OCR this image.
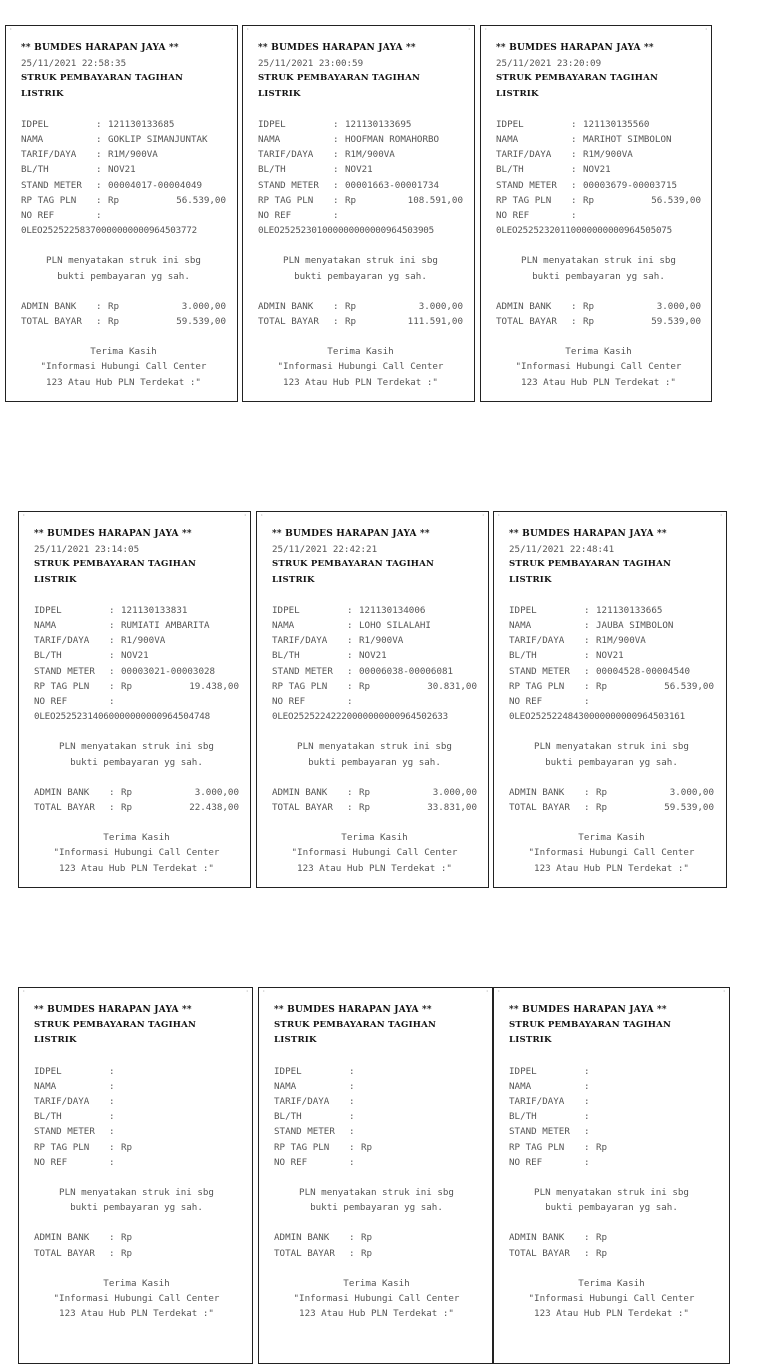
·	·
** BUMDES HARAPAN JAYA **
25/11/2021 22:58:35
STRUK PEMBAYARAN TAGIHAN LISTRIK
IDPEL	: 121130133685
NAMA	: GOKLIP SIMANJUNTAK
TARIF/DAYA	: R1M/900VA
BL/TH	: NOV21
STAND METER	: 00004017-00004049
RP TAG PLN	: Rp	56.539,00
NO REF	:
0LEO25252258370000000000964503772
PLN menyatakan struk ini sbg
bukti pembayaran yg sah.
ADMIN BANK	: Rp	3.000,00
TOTAL BAYAR	: Rp	59.539,00
Terima Kasih
"Informasi Hubungi Call Center
123 Atau Hub PLN Terdekat :"
·	·
** BUMDES HARAPAN JAYA **
25/11/2021 23:00:59
STRUK PEMBAYARAN TAGIHAN LISTRIK
IDPEL	: 121130133695
NAMA	: HOOFMAN ROMAHORBO
TARIF/DAYA	: R1M/900VA
BL/TH	: NOV21
STAND METER	: 00001663-00001734
RP TAG PLN	: Rp	108.591,00
NO REF	:
0LEO25252301000000000000964503905
PLN menyatakan struk ini sbg
bukti pembayaran yg sah.
ADMIN BANK	: Rp	3.000,00
TOTAL BAYAR	: Rp	111.591,00
Terima Kasih
"Informasi Hubungi Call Center
123 Atau Hub PLN Terdekat :"
·	·
** BUMDES HARAPAN JAYA **
25/11/2021 23:20:09
STRUK PEMBAYARAN TAGIHAN LISTRIK
IDPEL	: 121130135560
NAMA	: MARIHOT SIMBOLON
TARIF/DAYA	: R1M/900VA
BL/TH	: NOV21
STAND METER	: 00003679-00003715
RP TAG PLN	: Rp	56.539,00
NO REF	:
0LEO25252320110000000000964505075
PLN menyatakan struk ini sbg
bukti pembayaran yg sah.
ADMIN BANK	: Rp	3.000,00
TOTAL BAYAR	: Rp	59.539,00
Terima Kasih
"Informasi Hubungi Call Center
123 Atau Hub PLN Terdekat :"
·	·
** BUMDES HARAPAN JAYA **
25/11/2021 23:14:05
STRUK PEMBAYARAN TAGIHAN LISTRIK
IDPEL	: 121130133831
NAMA	: RUMIATI AMBARITA
TARIF/DAYA	: R1/900VA
BL/TH	: NOV21
STAND METER	: 00003021-00003028
RP TAG PLN	: Rp	19.438,00
NO REF	:
0LEO25252314060000000000964504748
PLN menyatakan struk ini sbg
bukti pembayaran yg sah.
ADMIN BANK	: Rp	3.000,00
TOTAL BAYAR	: Rp	22.438,00
Terima Kasih
"Informasi Hubungi Call Center
123 Atau Hub PLN Terdekat :"
·	·
** BUMDES HARAPAN JAYA **
25/11/2021 22:42:21
STRUK PEMBAYARAN TAGIHAN LISTRIK
IDPEL	: 121130134006
NAMA	: LOHO SILALAHI
TARIF/DAYA	: R1/900VA
BL/TH	: NOV21
STAND METER	: 00006038-00006081
RP TAG PLN	: Rp	30.831,00
NO REF	:
0LEO25252242220000000000964502633
PLN menyatakan struk ini sbg
bukti pembayaran yg sah.
ADMIN BANK	: Rp	3.000,00
TOTAL BAYAR	: Rp	33.831,00
Terima Kasih
"Informasi Hubungi Call Center
123 Atau Hub PLN Terdekat :"
·	·
** BUMDES HARAPAN JAYA **
25/11/2021 22:48:41
STRUK PEMBAYARAN TAGIHAN LISTRIK
IDPEL	: 121130133665
NAMA	: JAUBA SIMBOLON
TARIF/DAYA	: R1M/900VA
BL/TH	: NOV21
STAND METER	: 00004528-00004540
RP TAG PLN	: Rp	56.539,00
NO REF	:
0LEO25252248430000000000964503161
PLN menyatakan struk ini sbg
bukti pembayaran yg sah.
ADMIN BANK	: Rp	3.000,00
TOTAL BAYAR	: Rp	59.539,00
Terima Kasih
"Informasi Hubungi Call Center
123 Atau Hub PLN Terdekat :"
·	·
** BUMDES HARAPAN JAYA **
STRUK PEMBAYARAN TAGIHAN LISTRIK
IDPEL	:
NAMA	:
TARIF/DAYA	:
BL/TH	:
STAND METER	:
RP TAG PLN	: Rp
NO REF	:
PLN menyatakan struk ini sbg
bukti pembayaran yg sah.
ADMIN BANK	: Rp
TOTAL BAYAR	: Rp
Terima Kasih
"Informasi Hubungi Call Center
123 Atau Hub PLN Terdekat :"
·	·
** BUMDES HARAPAN JAYA **
STRUK PEMBAYARAN TAGIHAN LISTRIK
IDPEL	:
NAMA	:
TARIF/DAYA	:
BL/TH	:
STAND METER	:
RP TAG PLN	: Rp
NO REF	:
PLN menyatakan struk ini sbg
bukti pembayaran yg sah.
ADMIN BANK	: Rp
TOTAL BAYAR	: Rp
Terima Kasih
"Informasi Hubungi Call Center
123 Atau Hub PLN Terdekat :"
·	·
** BUMDES HARAPAN JAYA **
STRUK PEMBAYARAN TAGIHAN LISTRIK
IDPEL	:
NAMA	:
TARIF/DAYA	:
BL/TH	:
STAND METER	:
RP TAG PLN	: Rp
NO REF	:
PLN menyatakan struk ini sbg
bukti pembayaran yg sah.
ADMIN BANK	: Rp
TOTAL BAYAR	: Rp
Terima Kasih
"Informasi Hubungi Call Center
123 Atau Hub PLN Terdekat :"
